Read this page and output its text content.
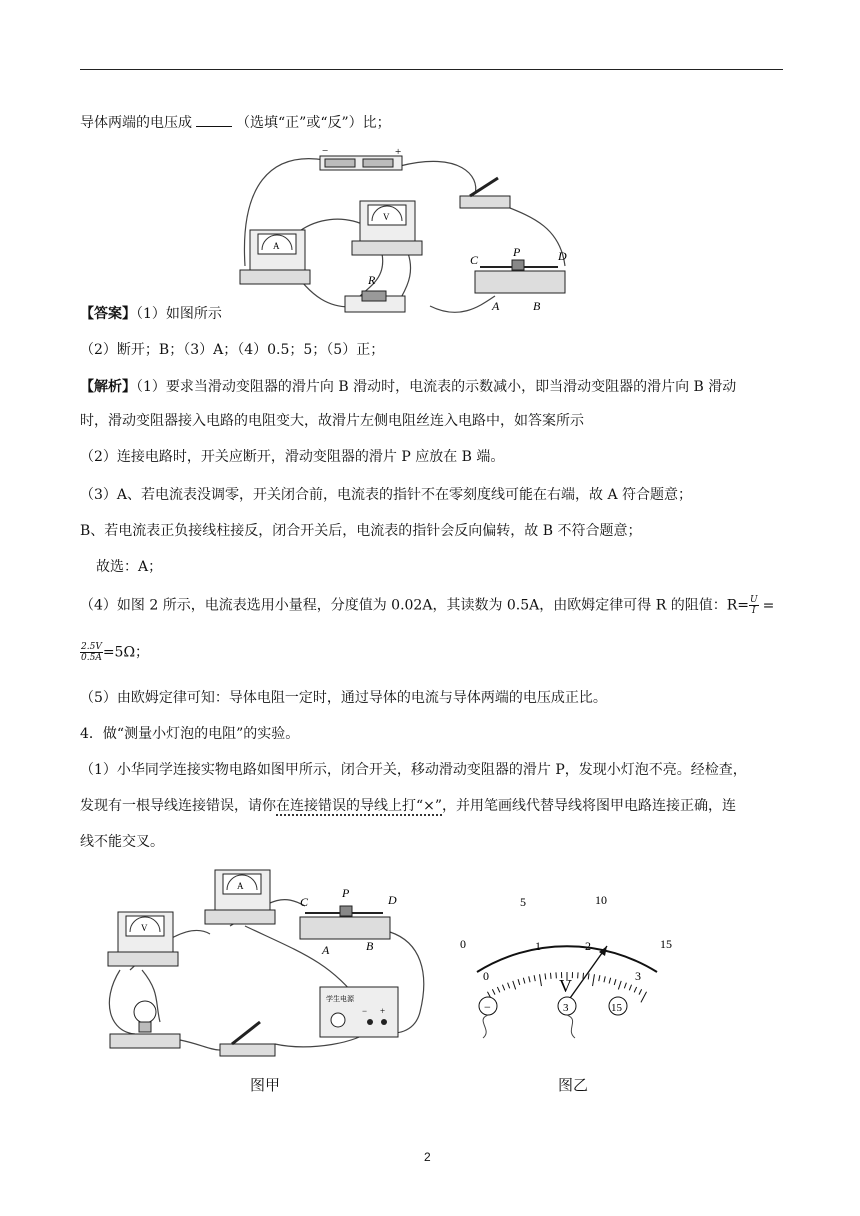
导体两端的电压成	（选填“正”或“反”）比；
−	+
A
V
R
C
P	D
A	B
【答案】（1）如图所示
（2）断开；B；（3）A；（4）0.5；5；（5）正；
【解析】（1）要求当滑动变阻器的滑片向 B 滑动时，电流表的示数减小，即当滑动变阻器的滑片向 B 滑动
时，滑动变阻器接入电路的电阻变大，故滑片左侧电阻丝连入电路中，如答案所示
（2）连接电路时，开关应断开，滑动变阻器的滑片 P 应放在 B 端。
（3）A、若电流表没调零，开关闭合前，电流表的指针不在零刻度线可能在右端，故 A 符合题意；
B、若电流表正负接线柱接反，闭合开关后，电流表的指针会反向偏转，故 B 不符合题意；
故选：A；
（4）如图 2 所示，电流表选用小量程，分度值为 0.02A，其读数为 0.5A，由欧姆定律可得 R 的阻值：$R= \frac{U}{I}$ =
$\frac{2.5V}{0.5A} =5\Omega$；
（5）由欧姆定律可知：导体电阻一定时，通过导体的电流与导体两端的电压成正比。
4．做“测量小灯泡的电阻”的实验。
（1）小华同学连接实物电路如图甲所示，闭合开关，移动滑动变阻器的滑片 P，发现小灯泡不亮。经检查，
发现有一根导线连接错误，请你在连接错误的导线上打“×”，并用笔画线代替导线将图甲电路连接正确，连
线不能交叉。
V
A
C
P	D
A	B
学生电源
− +
0
5	10
15
0
1	2
3
V
−	3	15
图甲	图乙
2
